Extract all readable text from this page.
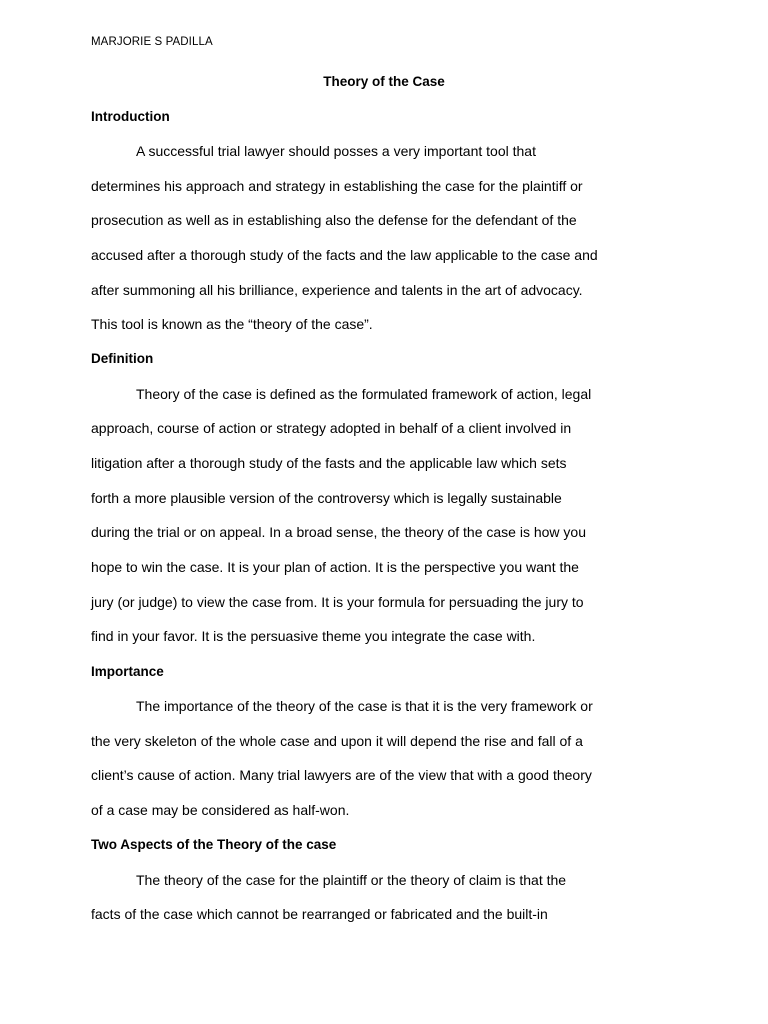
MARJORIE S PADILLA
Theory of the Case
Introduction
A successful trial lawyer should posses a very important tool that
determines his approach and strategy in establishing the case for the plaintiff or
prosecution as well as in establishing also the defense for the defendant of the
accused after a thorough study of the facts and the law applicable to the case and
after summoning all his brilliance, experience and talents in the art of advocacy.
This tool is known as the “theory of the case”.
Definition
Theory of the case is defined as the formulated framework of action, legal
approach, course of action or strategy adopted in behalf of a client involved in
litigation after a thorough study of the fasts and the applicable law which sets
forth a more plausible version of the controversy which is legally sustainable
during the trial or on appeal. In a broad sense, the theory of the case is how you
hope to win the case. It is your plan of action. It is the perspective you want the
jury (or judge) to view the case from. It is your formula for persuading the jury to
find in your favor. It is the persuasive theme you integrate the case with.
Importance
The importance of the theory of the case is that it is the very framework or
the very skeleton of the whole case and upon it will depend the rise and fall of a
client’s cause of action. Many trial lawyers are of the view that with a good theory
of a case may be considered as half-won.
Two Aspects of the Theory of the case
The theory of the case for the plaintiff or the theory of claim is that the
facts of the case which cannot be rearranged or fabricated and the built-in
